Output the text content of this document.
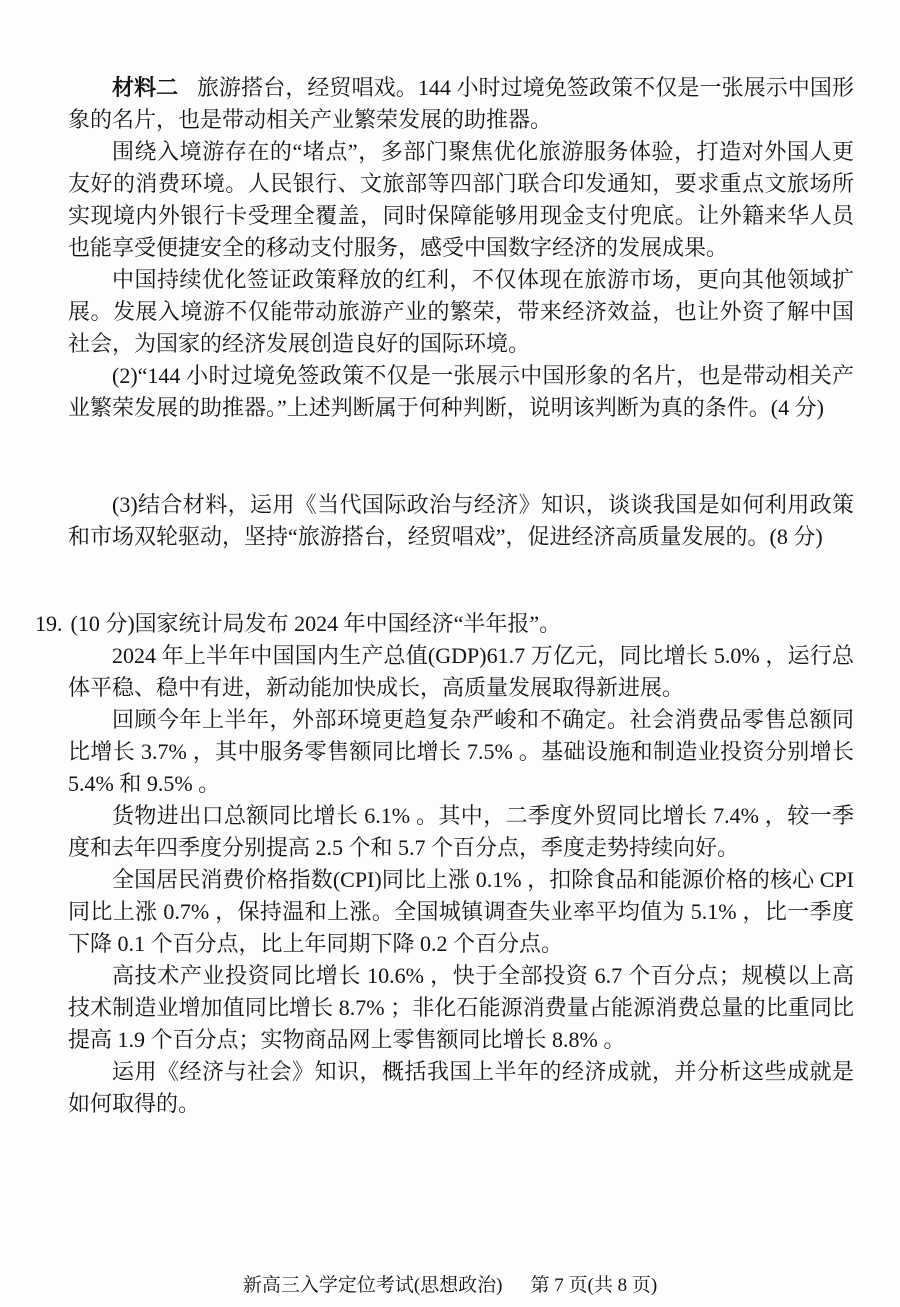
材料二 旅游搭台，经贸唱戏。144 小时过境免签政策不仅是一张展示中国形象的名片，也是带动相关产业繁荣发展的助推器。

围绕入境游存在的“堵点”，多部门聚焦优化旅游服务体验，打造对外国人更友好的消费环境。人民银行、文旅部等四部门联合印发通知，要求重点文旅场所实现境内外银行卡受理全覆盖，同时保障能够用现金支付兜底。让外籍来华人员也能享受便捷安全的移动支付服务，感受中国数字经济的发展成果。

中国持续优化签证政策释放的红利，不仅体现在旅游市场，更向其他领域扩展。发展入境游不仅能带动旅游产业的繁荣，带来经济效益，也让外资了解中国社会，为国家的经济发展创造良好的国际环境。

(2)“144 小时过境免签政策不仅是一张展示中国形象的名片，也是带动相关产业繁荣发展的助推器。”上述判断属于何种判断，说明该判断为真的条件。(4 分)

(3)结合材料，运用《当代国际政治与经济》知识，谈谈我国是如何利用政策和市场双轮驱动，坚持“旅游搭台，经贸唱戏”，促进经济高质量发展的。(8 分)

19. (10 分)国家统计局发布 2024 年中国经济“半年报”。

2024 年上半年中国国内生产总值(GDP)61.7 万亿元，同比增长 5.0% ，运行总体平稳、稳中有进，新动能加快成长，高质量发展取得新进展。

回顾今年上半年，外部环境更趋复杂严峻和不确定。社会消费品零售总额同比增长 3.7% ，其中服务零售额同比增长 7.5% 。基础设施和制造业投资分别增长 5.4% 和 9.5% 。

货物进出口总额同比增长 6.1% 。其中，二季度外贸同比增长 7.4% ，较一季度和去年四季度分别提高 2.5 个和 5.7 个百分点，季度走势持续向好。

全国居民消费价格指数(CPI)同比上涨 0.1% ，扣除食品和能源价格的核心 CPI 同比上涨 0.7% ，保持温和上涨。全国城镇调查失业率平均值为 5.1% ，比一季度下降 0.1 个百分点，比上年同期下降 0.2 个百分点。

高技术产业投资同比增长 10.6% ，快于全部投资 6.7 个百分点；规模以上高技术制造业增加值同比增长 8.7% ；非化石能源消费量占能源消费总量的比重同比提高 1.9 个百分点；实物商品网上零售额同比增长 8.8% 。

运用《经济与社会》知识，概括我国上半年的经济成就，并分析这些成就是如何取得的。

新高三入学定位考试(思想政治) 第 7 页(共 8 页)
